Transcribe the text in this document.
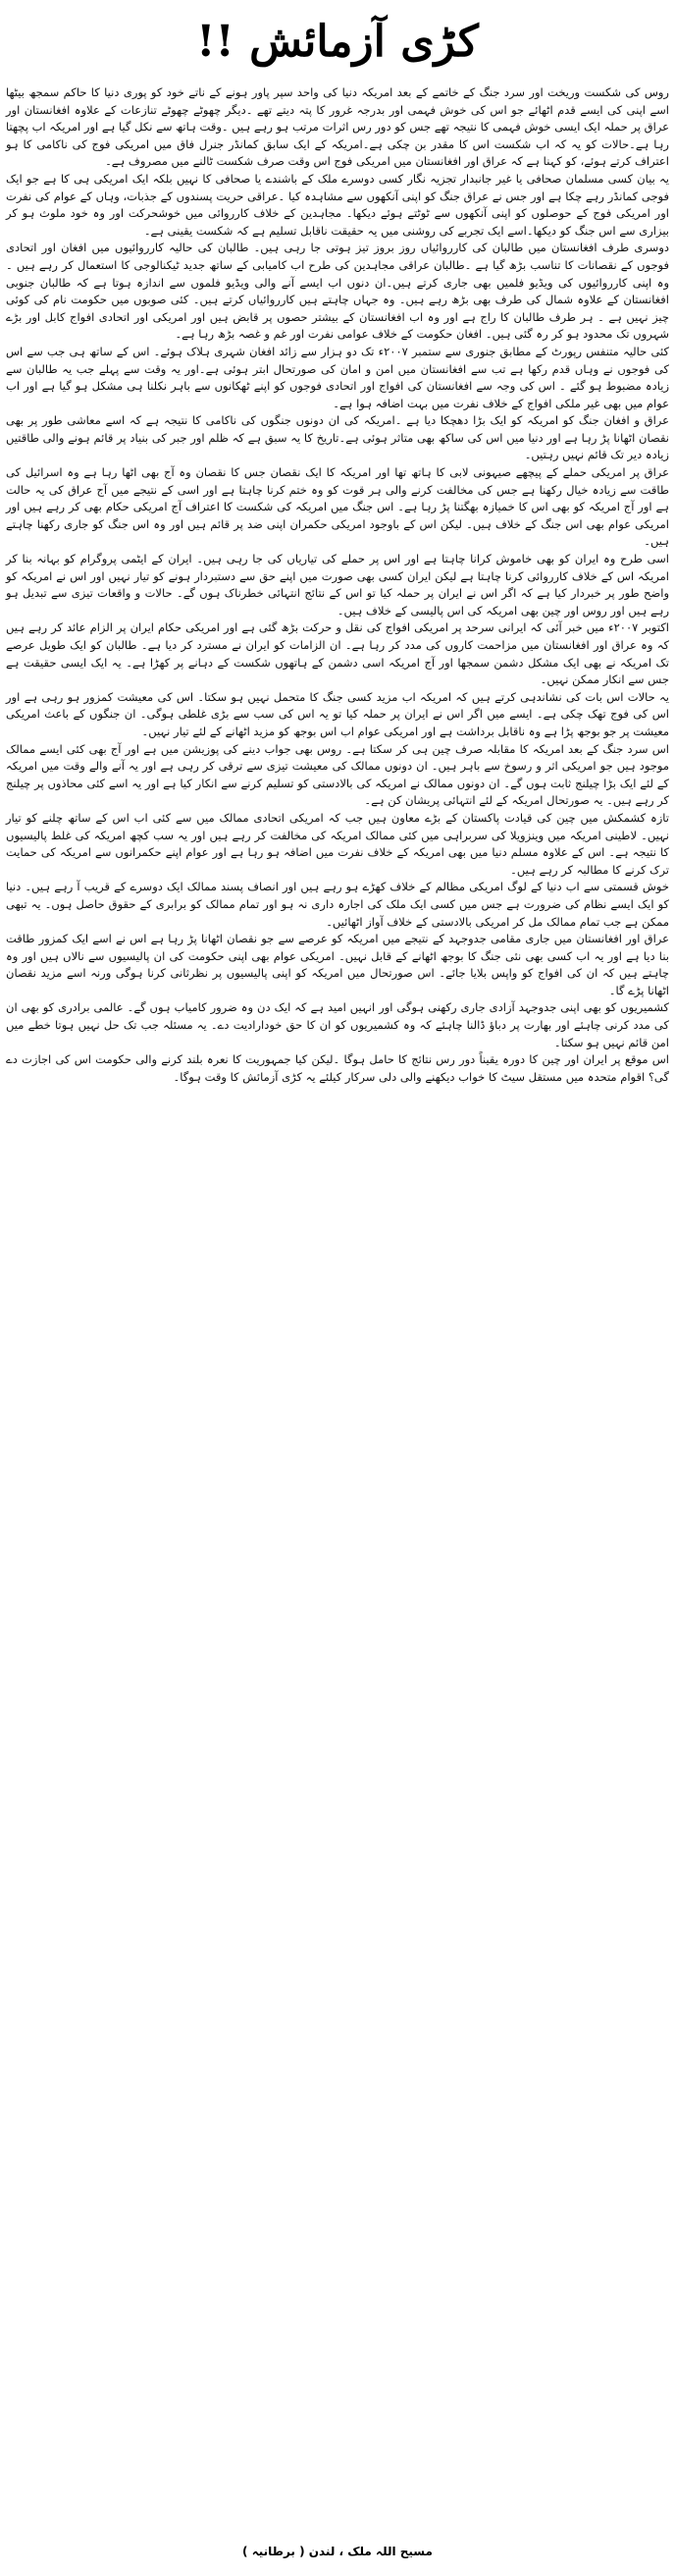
کڑی آزمائش !!

روس کی شکست وریخت اور سرد جنگ کے خاتمے کے بعد امریکہ دنیا کی واحد سپر پاور ہونے کے ناتے خود کو پوری دنیا کا حاکم سمجھ بیٹھا اسے اپنی کی ایسے قدم اٹھائے جو اس کی خوش فہمی اور بدرجہ غرور کا پتہ دیتے تھے ۔دیگر چھوٹے چھوٹے تنازعات کے علاوہ افغانستان اور عراق پر حملہ ایک ایسی خوش فہمی کا نتیجہ تھے جس کو دور رس اثرات مرتب ہو رہے ہیں ۔وقت ہاتھ سے نکل گیا ہے اور امریکہ اب پچھتا رہا ہے۔حالات کو یہ کہ اب شکست اس کا مقدر بن چکی ہے۔امریکہ کے ایک سابق کمانڈر جنرل فاق میں امریکی فوج کی ناکامی کا ہو اعتراف کرتے ہوئے، کو کہنا ہے کہ عراق اور افغانستان میں امریکی فوج اس وقت صرف شکست ٹالنے میں مصروف ہے۔

یہ بیان کسی مسلمان صحافی یا غیر جانبدار تجزیہ نگار کسی دوسرے ملک کے باشندے یا صحافی کا نہیں بلکہ ایک امریکی ہی کا ہے جو ایک فوجی کمانڈر رہے چکا ہے اور جس نے عراق جنگ کو اپنی آنکھوں سے مشاہدہ کیا ۔عراقی حریت پسندوں کے جذبات، وہاں کے عوام کی نفرت اور امریکی فوج کے حوصلوں کو اپنی آنکھوں سے ٹوٹتے ہوئے دیکھا۔ مجاہدین کے خلاف کارروائی میں خوشحرکت اور وہ خود ملوث ہو کر بیزاری سے اس جنگ کو دیکھا۔اسے ایک تجربے کی روشنی میں یہ حقیقت ناقابل تسلیم ہے کہ شکست یقینی ہے۔

دوسری طرف افغانستان میں طالبان کی کارروائیاں روز بروز تیز ہوتی جا رہی ہیں۔ طالبان کی حالیہ کارروائیوں میں افغان اور اتحادی فوجوں کے نقصانات کا تناسب بڑھ گیا ہے ۔طالبان عراقی مجاہدین کی طرح اب کامیابی کے ساتھ جدید ٹیکنالوجی کا استعمال کر رہے ہیں ۔ وہ اپنی کارروائیوں کی ویڈیو فلمیں بھی جاری کرتے ہیں۔ان دنوں اب ایسے آنے والی ویڈیو فلموں سے اندازہ ہوتا ہے کہ طالبان جنوبی افغانستان کے علاوہ شمال کی طرف بھی بڑھ رہے ہیں۔ وہ جہاں چاہتے ہیں کارروائیاں کرتے ہیں۔ کئی صوبوں میں حکومت نام کی کوئی چیز نہیں ہے ۔ ہر طرف طالبان کا راج ہے اور وہ اب افغانستان کے بیشتر حصوں پر قابض ہیں اور امریکی اور اتحادی افواج کابل اور بڑے شہروں تک محدود ہو کر رہ گئی ہیں۔ افغان حکومت کے خلاف عوامی نفرت اور غم و غصہ بڑھ رہا ہے۔

کئی حالیہ متنفس رپورٹ کے مطابق جنوری سے ستمبر ۲۰۰۷ء تک دو ہزار سے زائد افغان شہری ہلاک ہوئے۔ اس کے ساتھ ہی جب سے اس کی فوجوں نے وہاں قدم رکھا ہے تب سے افغانستان میں امن و امان کی صورتحال ابتر ہوئی ہے۔اور یہ وقت سے پہلے جب یہ طالبان سے زیادہ مضبوط ہو گئے ۔ اس کی وجہ سے افغانستان کی افواج اور اتحادی فوجوں کو اپنے ٹھکانوں سے باہر نکلنا ہی مشکل ہو گیا ہے اور اب عوام میں بھی غیر ملکی افواج کے خلاف نفرت میں بہت اضافہ ہوا ہے۔

عراق و افغان جنگ کو امریکہ کو ایک بڑا دھچکا دیا ہے ۔امریکہ کی ان دونوں جنگوں کی ناکامی کا نتیجہ ہے کہ اسے معاشی طور پر بھی نقصان اٹھانا پڑ رہا ہے اور دنیا میں اس کی ساکھ بھی متاثر ہوئی ہے۔تاریخ کا یہ سبق ہے کہ ظلم اور جبر کی بنیاد پر قائم ہونے والی طاقتیں زیادہ دیر تک قائم نہیں رہتیں۔

عراق پر امریکی حملے کے پیچھے صیہونی لابی کا ہاتھ تھا اور امریکہ کا ایک نقصان جس کا نقصان وہ آج بھی اٹھا رہا ہے وہ اسرائیل کی طاقت سے زیادہ خیال رکھنا ہے جس کی مخالفت کرنے والی ہر قوت کو وہ ختم کرنا چاہتا ہے اور اسی کے نتیجے میں آج عراق کی یہ حالت ہے اور آج امریکہ کو بھی اس کا خمیازہ بھگتنا پڑ رہا ہے۔ اس جنگ میں امریکہ کی شکست کا اعتراف آج امریکی حکام بھی کر رہے ہیں اور امریکی عوام بھی اس جنگ کے خلاف ہیں۔ لیکن اس کے باوجود امریکی حکمران اپنی ضد پر قائم ہیں اور وہ اس جنگ کو جاری رکھنا چاہتے ہیں۔

اسی طرح وہ ایران کو بھی خاموش کرانا چاہتا ہے اور اس پر حملے کی تیاریاں کی جا رہی ہیں۔ ایران کے ایٹمی پروگرام کو بہانہ بنا کر امریکہ اس کے خلاف کارروائی کرنا چاہتا ہے لیکن ایران کسی بھی صورت میں اپنے حق سے دستبردار ہونے کو تیار نہیں اور اس نے امریکہ کو واضح طور پر خبردار کیا ہے کہ اگر اس نے ایران پر حملہ کیا تو اس کے نتائج انتہائی خطرناک ہوں گے۔ حالات و واقعات تیزی سے تبدیل ہو رہے ہیں اور روس اور چین بھی امریکہ کی اس پالیسی کے خلاف ہیں۔

اکتوبر ۲۰۰۷ء میں خبر آئی کہ ایرانی سرحد پر امریکی افواج کی نقل و حرکت بڑھ گئی ہے اور امریکی حکام ایران پر الزام عائد کر رہے ہیں کہ وہ عراق اور افغانستان میں مزاحمت کاروں کی مدد کر رہا ہے۔ ان الزامات کو ایران نے مسترد کر دیا ہے۔ طالبان کو ایک طویل عرصے تک امریکہ نے بھی ایک مشکل دشمن سمجھا اور آج امریکہ اسی دشمن کے ہاتھوں شکست کے دہانے پر کھڑا ہے۔ یہ ایک ایسی حقیقت ہے جس سے انکار ممکن نہیں۔

یہ حالات اس بات کی نشاندہی کرتے ہیں کہ امریکہ اب مزید کسی جنگ کا متحمل نہیں ہو سکتا۔ اس کی معیشت کمزور ہو رہی ہے اور اس کی فوج تھک چکی ہے۔ ایسے میں اگر اس نے ایران پر حملہ کیا تو یہ اس کی سب سے بڑی غلطی ہوگی۔ ان جنگوں کے باعث امریکی معیشت پر جو بوجھ پڑا ہے وہ ناقابل برداشت ہے اور امریکی عوام اب اس بوجھ کو مزید اٹھانے کے لئے تیار نہیں۔

اس سرد جنگ کے بعد امریکہ کا مقابلہ صرف چین ہی کر سکتا ہے۔ روس بھی جواب دینے کی پوزیشن میں ہے اور آج بھی کئی ایسے ممالک موجود ہیں جو امریکی اثر و رسوخ سے باہر ہیں۔ ان دونوں ممالک کی معیشت تیزی سے ترقی کر رہی ہے اور یہ آنے والے وقت میں امریکہ کے لئے ایک بڑا چیلنج ثابت ہوں گے۔ ان دونوں ممالک نے امریکہ کی بالادستی کو تسلیم کرنے سے انکار کیا ہے اور یہ اسے کئی محاذوں پر چیلنج کر رہے ہیں۔ یہ صورتحال امریکہ کے لئے انتہائی پریشان کن ہے۔

تازہ کشمکش میں چین کی قیادت پاکستان کے بڑے معاون ہیں جب کہ امریکی اتحادی ممالک میں سے کئی اب اس کے ساتھ چلنے کو تیار نہیں۔ لاطینی امریکہ میں وینزویلا کی سربراہی میں کئی ممالک امریکہ کی مخالفت کر رہے ہیں اور یہ سب کچھ امریکہ کی غلط پالیسیوں کا نتیجہ ہے۔ اس کے علاوہ مسلم دنیا میں بھی امریکہ کے خلاف نفرت میں اضافہ ہو رہا ہے اور عوام اپنے حکمرانوں سے امریکہ کی حمایت ترک کرنے کا مطالبہ کر رہے ہیں۔

خوش قسمتی سے اب دنیا کے لوگ امریکی مظالم کے خلاف کھڑے ہو رہے ہیں اور انصاف پسند ممالک ایک دوسرے کے قریب آ رہے ہیں۔ دنیا کو ایک ایسے نظام کی ضرورت ہے جس میں کسی ایک ملک کی اجارہ داری نہ ہو اور تمام ممالک کو برابری کے حقوق حاصل ہوں۔ یہ تبھی ممکن ہے جب تمام ممالک مل کر امریکی بالادستی کے خلاف آواز اٹھائیں۔

عراق اور افغانستان میں جاری مقامی جدوجہد کے نتیجے میں امریکہ کو عرصے سے جو نقصان اٹھانا پڑ رہا ہے اس نے اسے ایک کمزور طاقت بنا دیا ہے اور یہ اب کسی بھی نئی جنگ کا بوجھ اٹھانے کے قابل نہیں۔ امریکی عوام بھی اپنی حکومت کی ان پالیسیوں سے نالاں ہیں اور وہ چاہتے ہیں کہ ان کی افواج کو واپس بلایا جائے۔ اس صورتحال میں امریکہ کو اپنی پالیسیوں پر نظرثانی کرنا ہوگی ورنہ اسے مزید نقصان اٹھانا پڑے گا۔

کشمیریوں کو بھی اپنی جدوجہد آزادی جاری رکھنی ہوگی اور انہیں امید ہے کہ ایک دن وہ ضرور کامیاب ہوں گے۔ عالمی برادری کو بھی ان کی مدد کرنی چاہئے اور بھارت پر دباؤ ڈالنا چاہئے کہ وہ کشمیریوں کو ان کا حق خودارادیت دے۔ یہ مسئلہ جب تک حل نہیں ہوتا خطے میں امن قائم نہیں ہو سکتا۔

اس موقع پر ایران اور چین کا دورہ یقیناً دور رس نتائج کا حامل ہوگا ۔لیکن کیا جمہوریت کا نعرہ بلند کرنے والی حکومت اس کی اجازت دے گی؟ اقوام متحدہ میں مستقل سیٹ کا خواب دیکھنے والی دلی سرکار کیلئے یہ کڑی آزمائش کا وقت ہوگا۔

مسیح اللہ ملک ، لندن ( برطانیہ )
